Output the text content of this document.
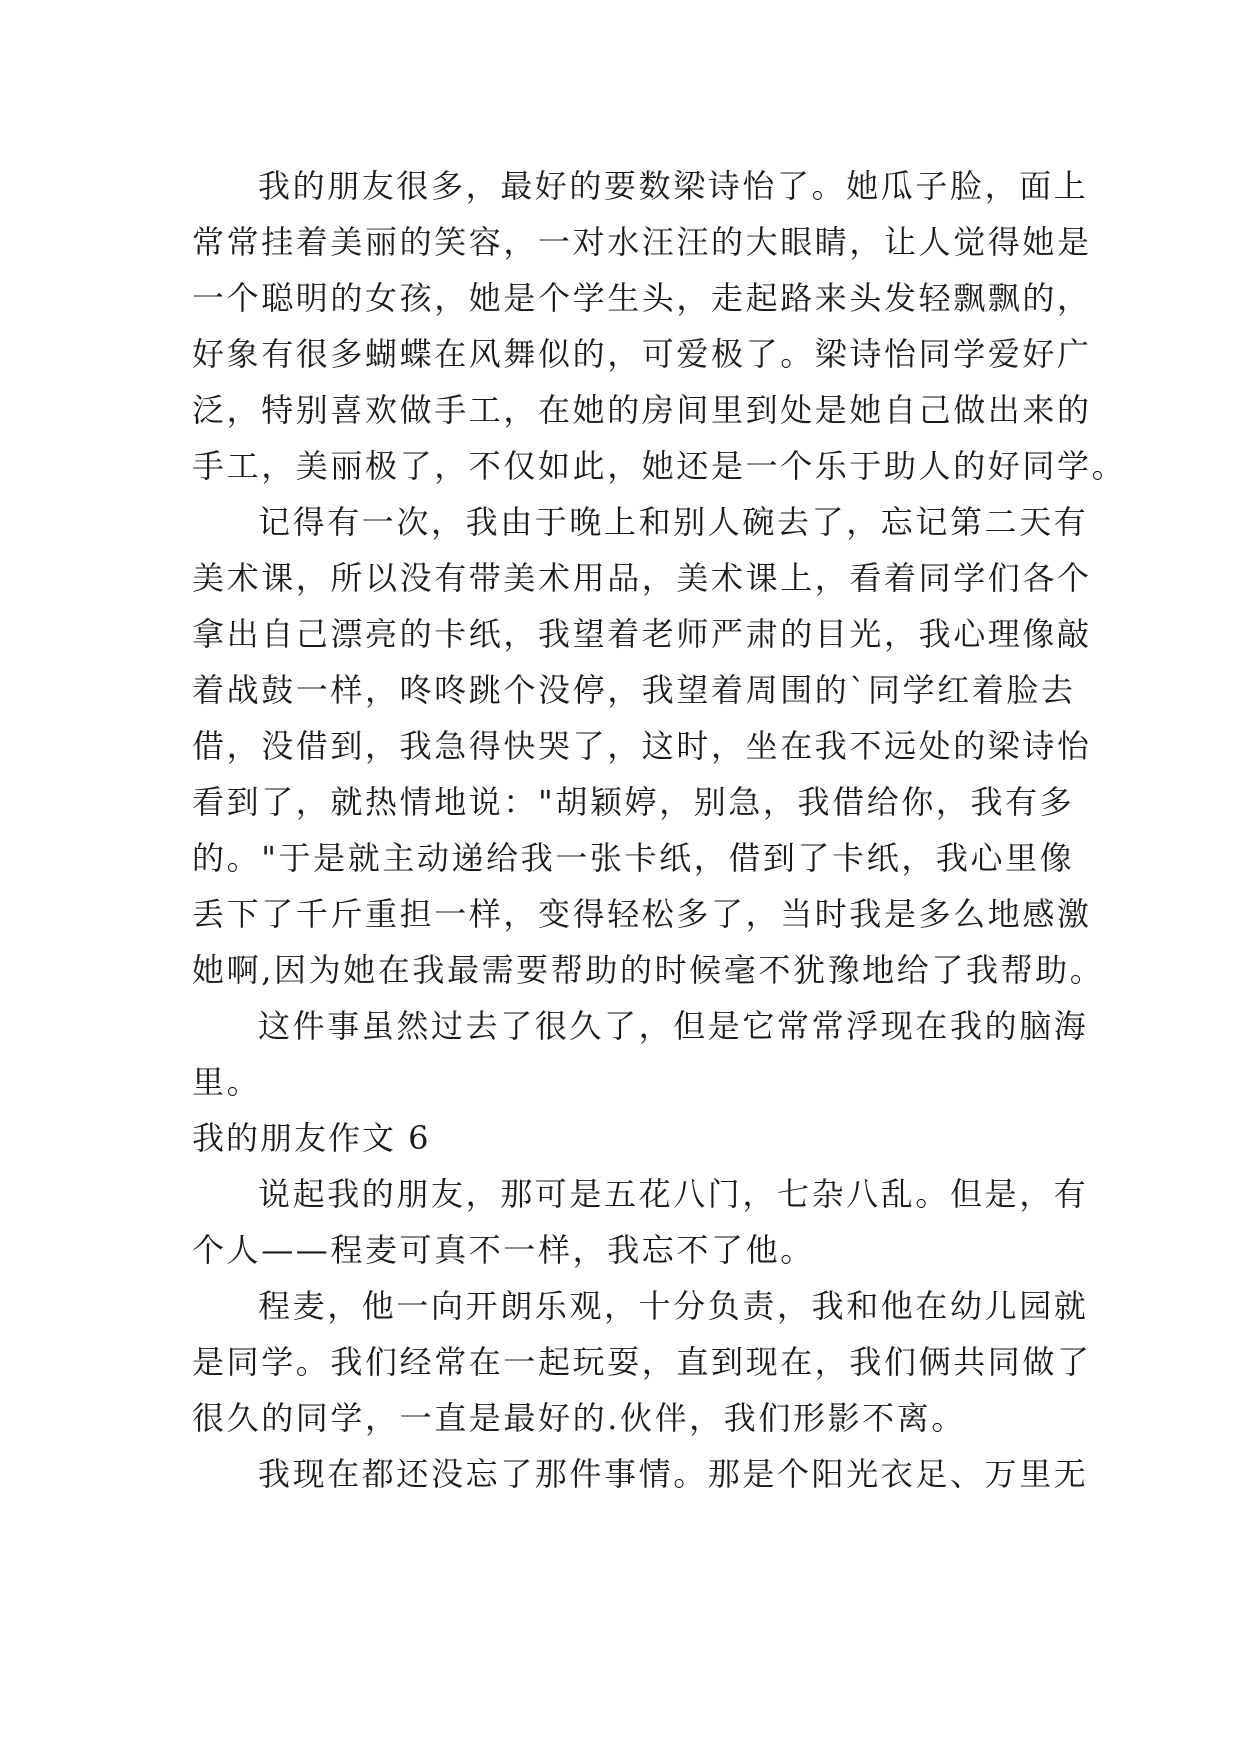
我的朋友很多，最好的要数梁诗怡了。她瓜子脸，面上
常常挂着美丽的笑容，一对水汪汪的大眼睛，让人觉得她是
一个聪明的女孩，她是个学生头，走起路来头发轻飘飘的，
好象有很多蝴蝶在风舞似的，可爱极了。梁诗怡同学爱好广
泛，特别喜欢做手工，在她的房间里到处是她自己做出来的
手工，美丽极了，不仅如此，她还是一个乐于助人的好同学。
记得有一次，我由于晚上和别人碗去了，忘记第二天有
美术课，所以没有带美术用品，美术课上，看着同学们各个
拿出自己漂亮的卡纸，我望着老师严肃的目光，我心理像敲
着战鼓一样，咚咚跳个没停，我望着周围的`同学红着脸去
借，没借到，我急得快哭了，这时，坐在我不远处的梁诗怡
看到了，就热情地说："胡颖婷，别急，我借给你，我有多
的。"于是就主动递给我一张卡纸，借到了卡纸，我心里像
丢下了千斤重担一样，变得轻松多了，当时我是多么地感激
她啊,因为她在我最需要帮助的时候毫不犹豫地给了我帮助。
这件事虽然过去了很久了，但是它常常浮现在我的脑海
里。
我的朋友作文 6
说起我的朋友，那可是五花八门，七杂八乱。但是，有
个人——程麦可真不一样，我忘不了他。
程麦，他一向开朗乐观，十分负责，我和他在幼儿园就
是同学。我们经常在一起玩耍，直到现在，我们俩共同做了
很久的同学，一直是最好的.伙伴，我们形影不离。
我现在都还没忘了那件事情。那是个阳光衣足、万里无
